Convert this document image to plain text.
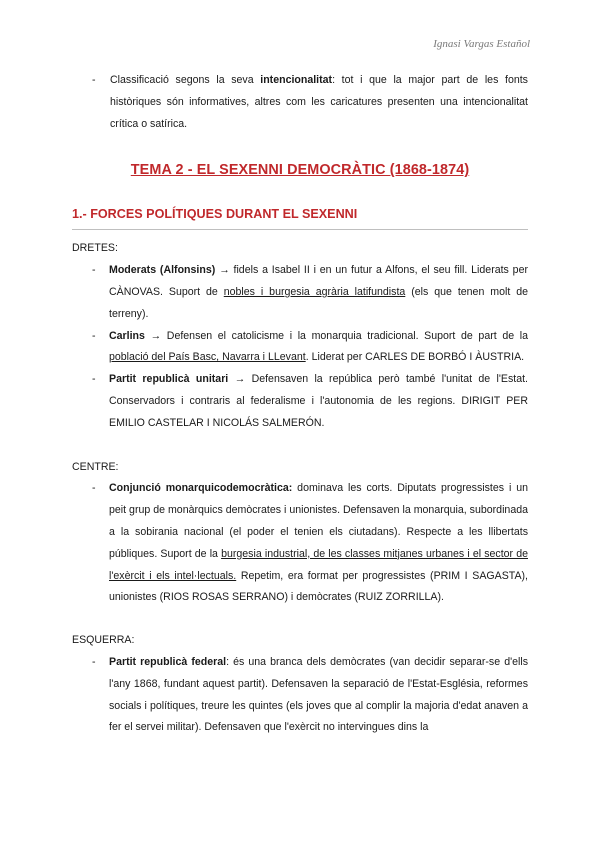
Ignasi Vargas Estañol
- Classificació segons la seva intencionalitat: tot i que la major part de les fonts històriques són informatives, altres com les caricatures presenten una intencionalitat crítica o satírica.
TEMA 2 - EL SEXENNI DEMOCRÀTIC (1868-1874)
1.- FORCES POLÍTIQUES DURANT EL SEXENNI
DRETES:
- Moderats (Alfonsins) → fidels a Isabel II i en un futur a Alfons, el seu fill. Liderats per CÀNOVAS. Suport de nobles i burgesia agrària latifundista (els que tenen molt de terreny).
- Carlins → Defensen el catolicisme i la monarquia tradicional. Suport de part de la població del País Basc, Navarra i LLevant. Liderat per CARLES DE BORBÓ I ÀUSTRIA.
- Partit republicà unitari → Defensaven la república però també l'unitat de l'Estat. Conservadors i contraris al federalisme i l'autonomia de les regions. DIRIGIT PER EMILIO CASTELAR I NICOLÁS SALMERÓN.
CENTRE:
- Conjunció monarquicodemocràtica: dominava les corts. Diputats progressistes i un peit grup de monàrquics demòcrates i unionistes. Defensaven la monarquia, subordinada a la sobirania nacional (el poder el tenien els ciutadans). Respecte a les llibertats públiques. Suport de la burgesia industrial, de les classes mitjanes urbanes i el sector de l'exèrcit i els intel·lectuals. Repetim, era format per progressistes (PRIM I SAGASTA), unionistes (RIOS ROSAS SERRANO) i demòcrates (RUIZ ZORRILLA).
ESQUERRA:
- Partit republicà federal: és una branca dels demòcrates (van decidir separar-se d'ells l'any 1868, fundant aquest partit). Defensaven la separació de l'Estat-Església, reformes socials i polítiques, treure les quintes (els joves que al complir la majoria d'edat anaven a fer el servei militar). Defensaven que l'exèrcit no intervingues dins la
